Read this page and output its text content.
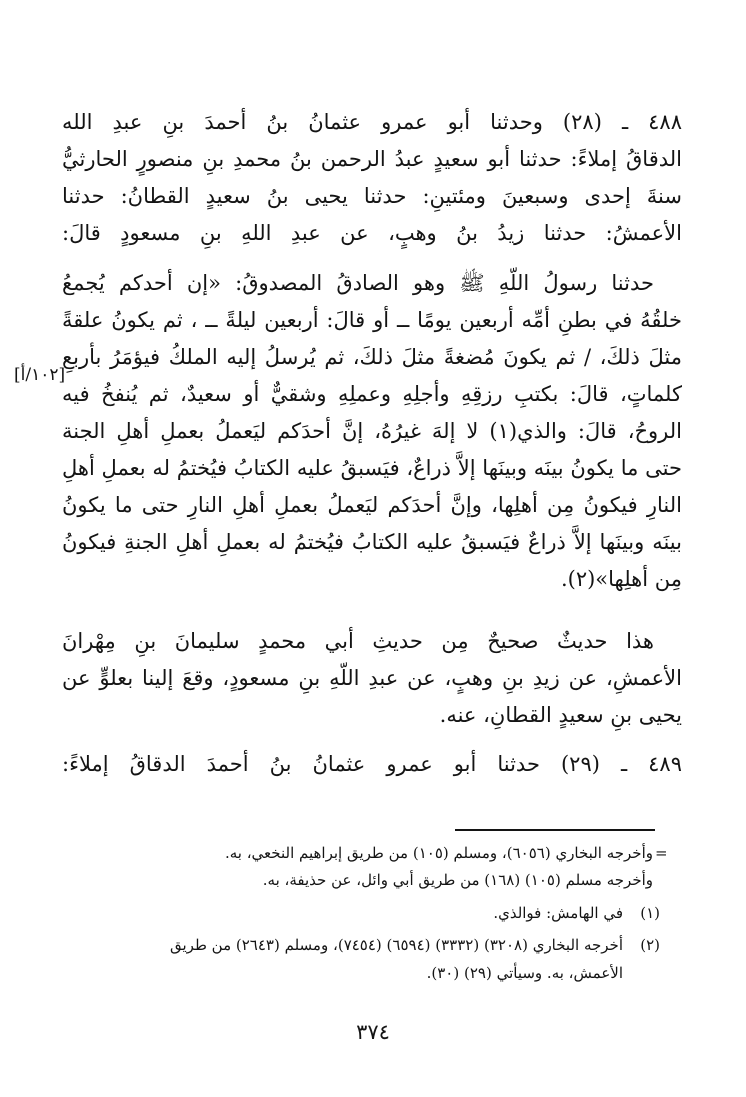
٤٨٨ ـ (٢٨) وحدثنا أبو عمرو عثمانُ بنُ أحمدَ بنِ عبدِ الله
الدقاقُ إملاءً: حدثنا أبو سعيدٍ عبدُ الرحمن بنُ محمدِ بنِ منصورٍ الحارثيُّ
سنةَ إحدى وسبعينَ ومئتينِ: حدثنا يحيى بنُ سعيدٍ القطانُ: حدثنا
الأعمشُ: حدثنا زيدُ بنُ وهبٍ، عن عبدِ اللهِ بنِ مسعودٍ قالَ:
حدثنا رسولُ اللّهِ ﷺ وهو الصادقُ المصدوقُ: «إن أحدكم يُجمعُ
خلقُهُ في بطنِ أمِّه أربعين يومًا ــ أو قالَ: أربعين ليلةً ــ ، ثم يكونُ علقةً
مثلَ ذلكَ، / ثم يكونَ مُضغةً مثلَ ذلكَ، ثم يُرسلُ إليه الملكُ فيؤمَرُ بأربعِ
كلماتٍ، قالَ: بكتبِ رزقِهِ وأجلِهِ وعملِهِ وشقيٌّ أو سعيدٌ، ثم يُنفخُ فيه
الروحُ، قالَ: والذي(١) لا إلهَ غيرُهُ، إنَّ أحدَكم ليَعملُ بعملِ أهلِ الجنة
حتى ما يكونُ بينَه وبينَها إلاَّ ذراعٌ، فيَسبقُ عليه الكتابُ فيُختمُ له بعملِ أهلِ
النارِ فيكونُ مِن أهلِها، وإنَّ أحدَكم ليَعملُ بعملِ أهلِ النارِ حتى ما يكونُ
بينَه وبينَها إلاَّ ذراعٌ فيَسبقُ عليه الكتابُ فيُختمُ له بعملِ أهلِ الجنةِ فيكونُ
مِن أهلِها»(٢).
[١٠٢/أ]
هذا حديثٌ صحيحٌ مِن حديثِ أبي محمدٍ سليمانَ بنِ مِهْرانَ
الأعمشِ، عن زيدِ بنِ وهبٍ، عن عبدِ اللّهِ بنِ مسعودٍ، وقعَ إلينا بعلوٍّ عن
يحيى بنِ سعيدٍ القطانِ، عنه.
٤٨٩ ـ (٢٩) حدثنا أبو عمرو عثمانُ بنُ أحمدَ الدقاقُ إملاءً:
=
وأخرجه البخاري (٦٠٥٦)، ومسلم (١٠٥) من طريق إبراهيم النخعي، به.
وأخرجه مسلم (١٠٥) (١٦٨) من طريق أبي وائل، عن حذيفة، به.
(١)
في الهامش: فوالذي.
(٢)
أخرجه البخاري (٣٢٠٨) (٣٣٣٢) (٦٥٩٤) (٧٤٥٤)، ومسلم (٢٦٤٣) من طريق
الأعمش، به. وسيأتي (٢٩) (٣٠).
٣٧٤
